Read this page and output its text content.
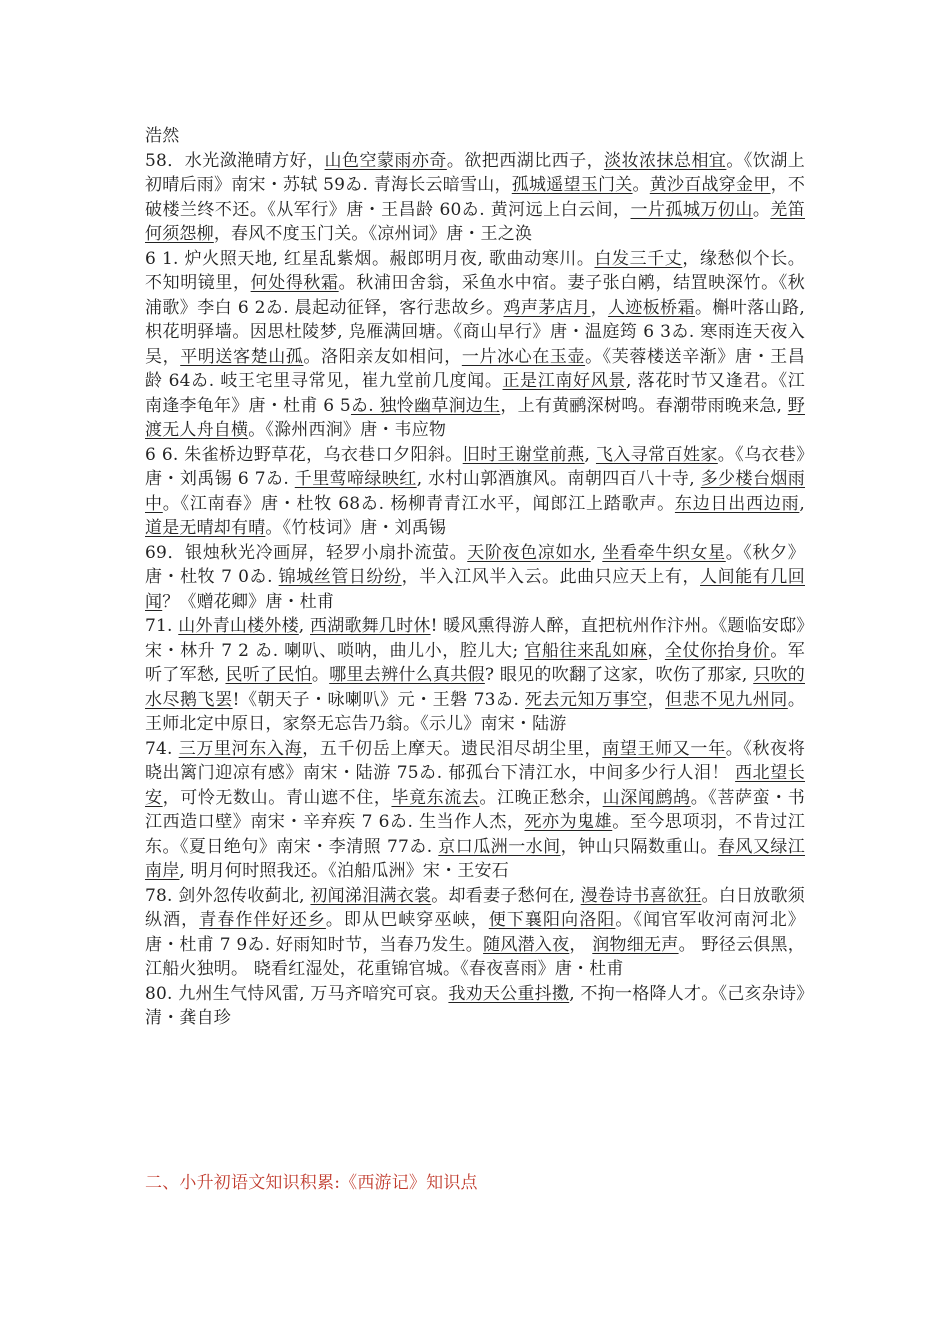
浩然

58．水光潋滟晴方好，山色空蒙雨亦奇。欲把西湖比西子，淡妆浓抹总相宜。《饮湖上初晴后雨》南宋・苏轼 59ゐ. 青海长云暗雪山，孤城遥望玉门关。黄沙百战穿金甲，不破楼兰终不还。《从军行》唐・王昌龄 60ゐ. 黄河远上白云间，一片孤城万仞山。羌笛何须怨柳，春风不度玉门关。《凉州词》唐・王之涣

6 1. 炉火照天地, 红星乱紫烟。赧郎明月夜, 歌曲动寒川。白发三千丈，缘愁似个长。不知明镜里，何处得秋霜。秋浦田舍翁，采鱼水中宿。妻子张白鹇，结罝映深竹。《秋浦歌》李白 6 2ゐ. 晨起动征铎，客行悲故乡。鸡声茅店月，人迹板桥霜。槲叶落山路, 枳花明驿墙。因思杜陵梦, 凫雁满回塘。《商山早行》唐・温庭筠 6 3ゐ. 寒雨连天夜入吴，平明送客楚山孤。洛阳亲友如相问，一片冰心在玉壶。《芙蓉楼送辛渐》唐・王昌龄 64ゐ. 岐王宅里寻常见，崔九堂前几度闻。正是江南好风景, 落花时节又逢君。《江南逢李龟年》唐・杜甫 6 5ゐ. 独怜幽草涧边生，上有黄鹂深树鸣。春潮带雨晚来急, 野渡无人舟自横。《滁州西涧》唐・韦应物

6 6. 朱雀桥边野草花，乌衣巷口夕阳斜。旧时王谢堂前燕, 飞入寻常百姓家。《乌衣巷》唐・刘禹锡 6 7ゐ. 千里莺啼绿映红, 水村山郭酒旗风。南朝四百八十寺, 多少楼台烟雨中。《江南春》唐・杜牧 68ゐ. 杨柳青青江水平，闻郎江上踏歌声。东边日出西边雨, 道是无晴却有晴。《竹枝词》唐・刘禹锡

69．银烛秋光冷画屏，轻罗小扇扑流萤。天阶夜色凉如水, 坐看牵牛织女星。《秋夕》唐・杜牧 7 0ゐ. 锦城丝管日纷纷，半入江风半入云。此曲只应天上有，人间能有几回闻？《赠花卿》唐・杜甫

71. 山外青山楼外楼, 西湖歌舞几时休! 暖风熏得游人醉，直把杭州作汴州。《题临安邸》宋・林升 7 2 ゐ. 喇叭、唢呐，曲儿小，腔儿大; 官船往来乱如麻，全仗你抬身价。军听了军愁, 民听了民怕。哪里去辨什么真共假? 眼见的吹翻了这家，吹伤了那家, 只吹的水尽鹅飞罢!《朝天子・咏喇叭》元・王磐 73ゐ. 死去元知万事空，但悲不见九州同。王师北定中原日，家祭无忘告乃翁。《示儿》南宋・陆游

74. 三万里河东入海，五千仞岳上摩天。遗民泪尽胡尘里，南望王师又一年。《秋夜将晓出篱门迎凉有感》南宋・陆游 75ゐ. 郁孤台下清江水，中间多少行人泪！ 西北望长安，可怜无数山。青山遮不住，毕竟东流去。江晚正愁余，山深闻鹧鸪。《菩萨蛮・书江西造口壁》南宋・辛弃疾 7 6ゐ. 生当作人杰，死亦为鬼雄。至今思项羽，不肯过江东。《夏日绝句》南宋・李清照 77ゐ. 京口瓜洲一水间，钟山只隔数重山。春风又绿江南岸, 明月何时照我还。《泊船瓜洲》宋・王安石

78. 剑外忽传收蓟北, 初闻涕泪满衣裳。却看妻子愁何在, 漫卷诗书喜欲狂。白日放歌须纵酒，青春作伴好还乡。即从巴峡穿巫峡，便下襄阳向洛阳。《闻官军收河南河北》唐・杜甫 7 9ゐ. 好雨知时节，当春乃发生。随风潜入夜， 润物细无声。 野径云俱黑，江船火独明。 晓看红湿处，花重锦官城。《春夜喜雨》唐・杜甫

80. 九州生气恃风雷, 万马齐喑究可哀。我劝天公重抖擞, 不拘一格降人才。《己亥杂诗》清・龚自珍

二、小升初语文知识积累:《西游记》知识点
